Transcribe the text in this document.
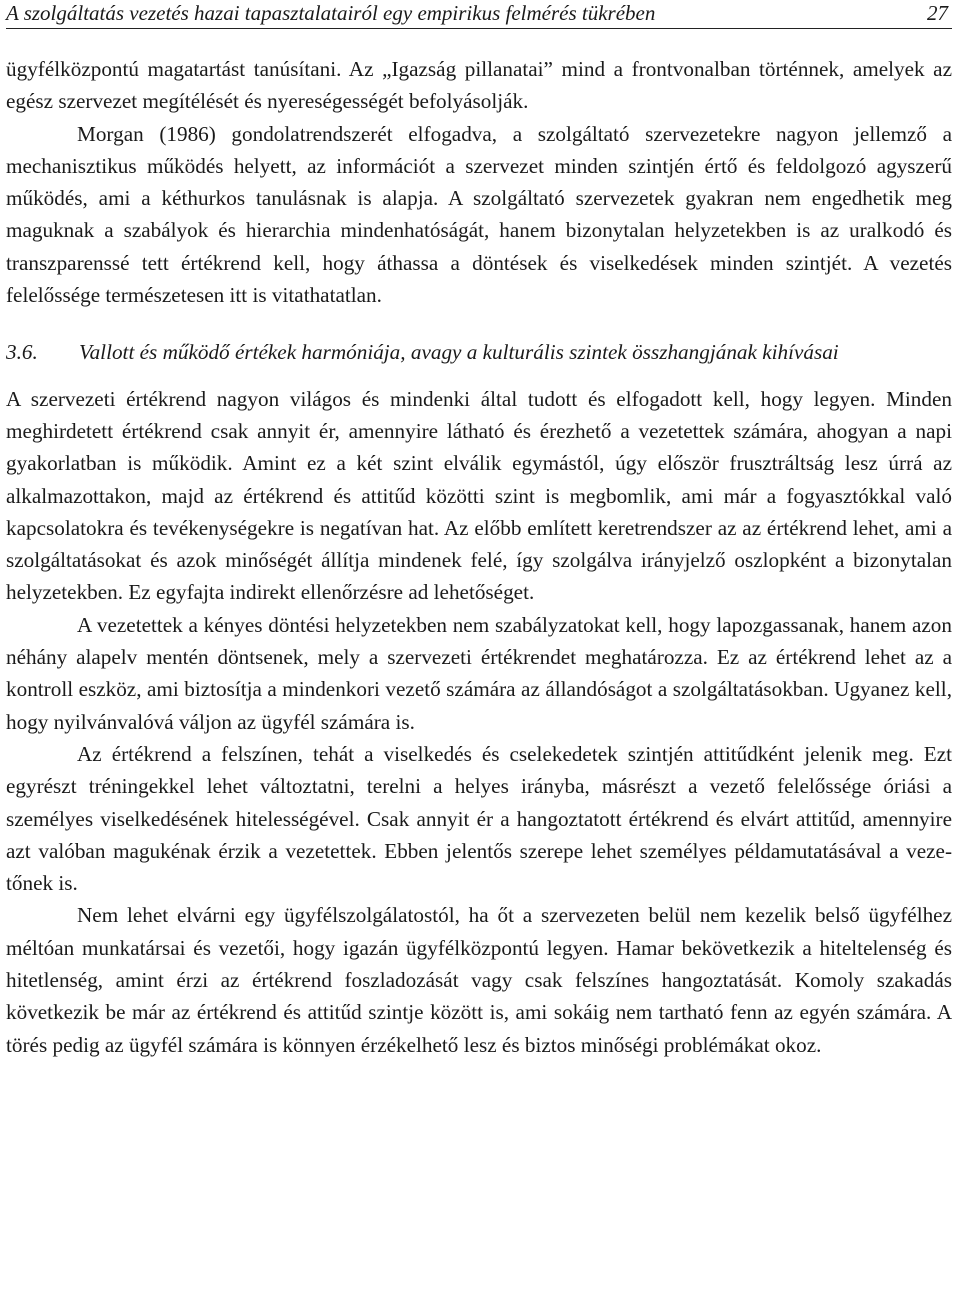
A szolgáltatás vezetés hazai tapasztalatairól egy empirikus felmérés tükrében	27

ügyfélközpontú magatartást tanúsítani. Az „Igazság pillanatai” mind a frontvonalban történnek, amelyek az egész szervezet megítélését és nyereségességét befolyásolják.

Morgan (1986) gondolatrendszerét elfogadva, a szolgáltató szervezetekre nagyon jellemző a mechanisztikus működés helyett, az információt a szervezet minden szintjén értő és feldolgozó agyszerű működés, ami a kéthurkos tanulásnak is alapja. A szolgáltató szervezetek gyakran nem engedhetik meg maguknak a szabályok és hierarchia mindenhatóságát, hanem bizonytalan helyzetekben is az uralkodó és transzparenssé tett értékrend kell, hogy áthassa a döntések és viselkedések minden szintjét. A vezetés felelőssége természetesen itt is vitathatatlan.

3.6.	Vallott és működő értékek harmóniája, avagy a kulturális szintek összhangjának kihívásai

A szervezeti értékrend nagyon világos és mindenki által tudott és elfogadott kell, hogy legyen. Minden meghirdetett értékrend csak annyit ér, amennyire látható és érezhető a vezetettek számára, ahogyan a napi gyakorlatban is működik. Amint ez a két szint elválik egymástól, úgy először frusztráltság lesz úrrá az alkalmazottakon, majd az értékrend és attitűd közötti szint is megbomlik, ami már a fogyasztókkal való kapcsolatokra és tevékenységekre is negatívan hat. Az előbb említett keretrendszer az az értékrend lehet, ami a szolgáltatásokat és azok minőségét állítja mindenek felé, így szolgálva irányjelző oszlopként a bizonytalan helyzetekben. Ez egyfajta indirekt ellenőrzésre ad lehetőséget.

A vezetettek a kényes döntési helyzetekben nem szabályzatokat kell, hogy lapozgassanak, hanem azon néhány alapelv mentén döntsenek, mely a szervezeti értékrendet meghatározza. Ez az értékrend lehet az a kontroll eszköz, ami biztosítja a mindenkori vezető számára az állandóságot a szolgáltatásokban. Ugyanez kell, hogy nyilvánvalóvá váljon az ügyfél számára is.

Az értékrend a felszínen, tehát a viselkedés és cselekedetek szintjén attitűdként jelenik meg. Ezt egyrészt tréningekkel lehet változtatni, terelni a helyes irányba, másrészt a vezető felelőssége óriási a személyes viselkedésének hitelességével. Csak annyit ér a hangoztatott értékrend és elvárt attitűd, amennyire azt valóban magukénak érzik a vezetettek. Ebben jelentős szerepe lehet személyes példamutatásával a vezetőnek is.

Nem lehet elvárni egy ügyfélszolgálatostól, ha őt a szervezeten belül nem kezelik belső ügyfélhez méltóan munkatársai és vezetői, hogy igazán ügyfélközpontú legyen. Hamar bekövetkezik a hiteltelenség és hitetlenség, amint érzi az értékrend foszladozását vagy csak felszínes hangoztatását. Komoly szakadás következik be már az értékrend és attitűd szintje között is, ami sokáig nem tartható fenn az egyén számára. A törés pedig az ügyfél számára is könnyen érzékelhető lesz és biztos minőségi problémákat okoz.
